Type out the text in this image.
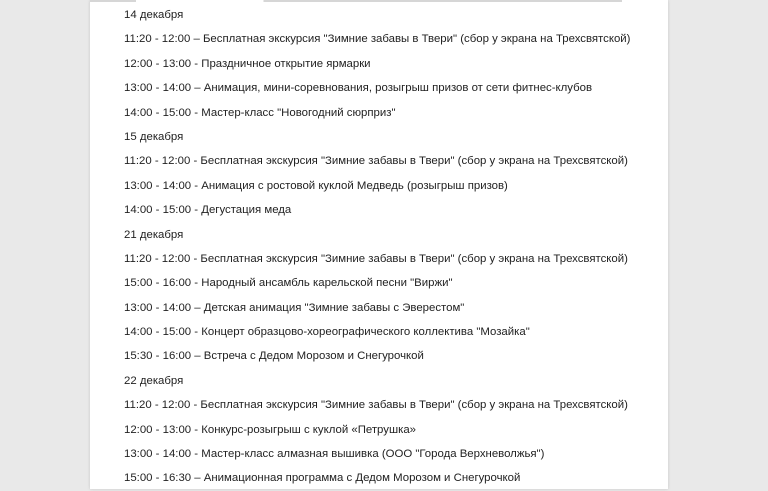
14 декабря
11:20 - 12:00 – Бесплатная экскурсия "Зимние забавы в Твери" (сбор у экрана на Трехсвятской)
12:00 - 13:00 - Праздничное открытие ярмарки
13:00 - 14:00 – Анимация, мини-соревнования, розыгрыш призов от сети фитнес-клубов
14:00 - 15:00 - Мастер-класс "Новогодний сюрприз"
15 декабря
11:20 - 12:00 - Бесплатная экскурсия "Зимние забавы в Твери" (сбор у экрана на Трехсвятской)
13:00 - 14:00 - Анимация с ростовой куклой Медведь (розыгрыш призов)
14:00 - 15:00 - Дегустация меда
21 декабря
11:20 - 12:00 - Бесплатная экскурсия "Зимние забавы в Твери" (сбор у экрана на Трехсвятской)
15:00 - 16:00 - Народный ансамбль карельской песни "Виржи"
13:00 - 14:00 – Детская анимация "Зимние забавы с Эверестом"
14:00 - 15:00 - Концерт образцово-хореографического коллектива "Мозайка"
15:30 - 16:00 – Встреча с Дедом Морозом и Снегурочкой
22 декабря
11:20 - 12:00 - Бесплатная экскурсия "Зимние забавы в Твери" (сбор у экрана на Трехсвятской)
12:00 - 13:00 - Конкурс-розыгрыш с куклой «Петрушка»
13:00 - 14:00 - Мастер-класс алмазная вышивка (ООО "Города Верхневолжья")
15:00 - 16:30 – Анимационная программа с Дедом Морозом и Снегурочкой
